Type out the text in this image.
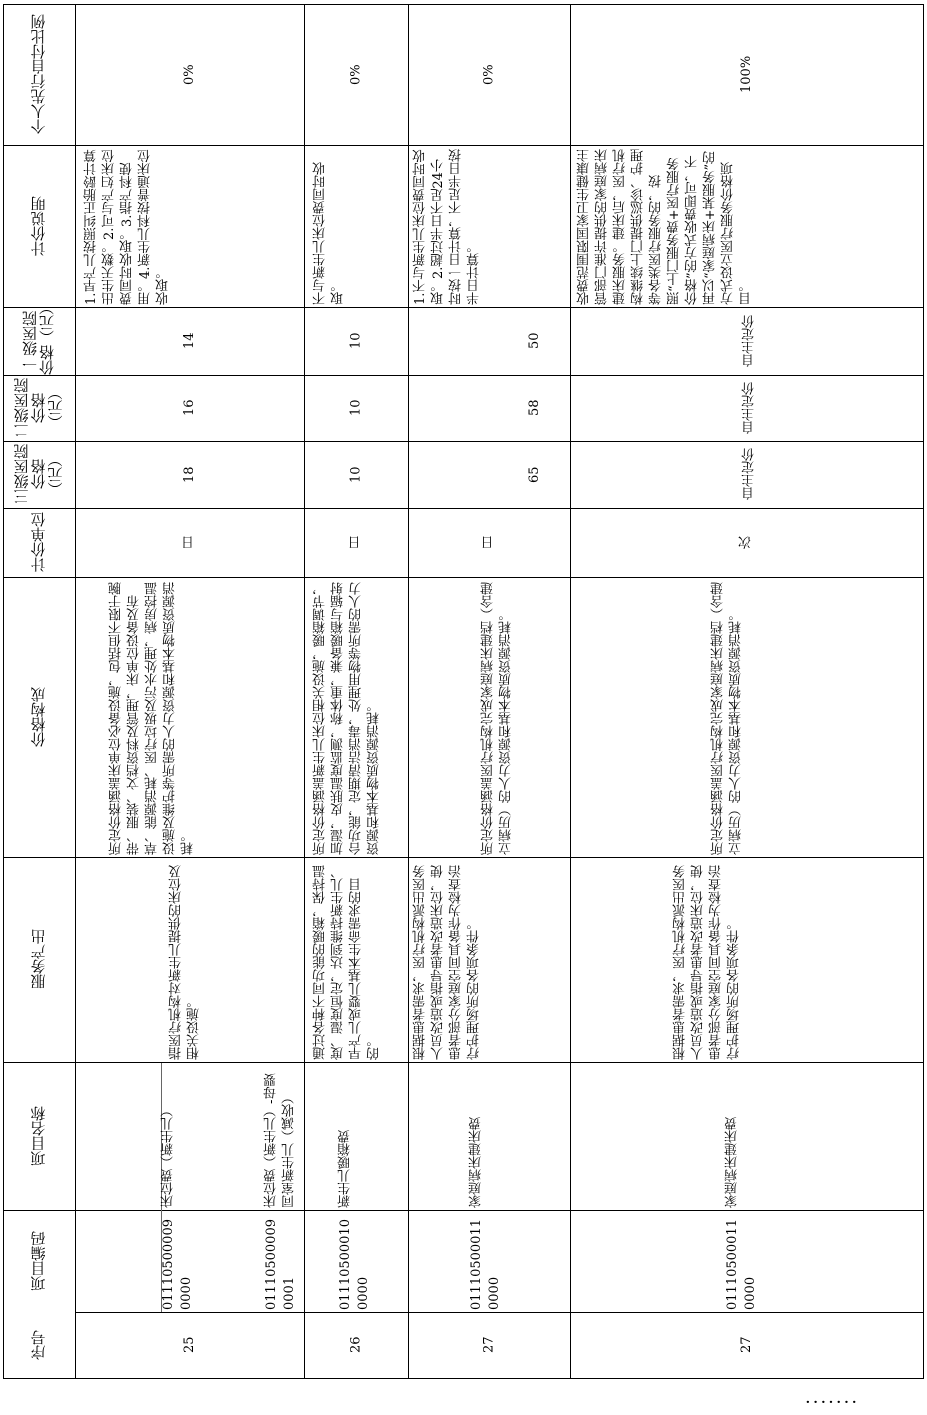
序号
项目编码
项目名称
服务产出
价格构成
计价单位
三级医院价格（元）
二级医院价格（元）
一级医院价格（元）
计价说明
个人先行自付比例
25
011105000090000
床位费（新生儿）
011105000090001
床位费（新生儿）-母婴同室新生儿（减收）
指医疗机构对新生儿提供的床位及相关设施。
所定价格涵盖床单位必备设施，包括但不限于腕带、服装、文档资料及管理，床单位设备及布草、能源消耗、医疗垃圾及污水处理，病房控温设施及维护等所需的人力资源和基本物质资源消耗。
日
18
16
14
1.早产儿按照纠正胎龄计算出生天数。2.可与产妇床位费同时收取。3.指产科使用。4.新生儿科按普通床位收取。
0%
26
011105000100000
新生儿暖箱费
通过各种不同功能的暖箱，保持温度、湿度恒定，达到维持新生儿、早产儿或婴儿基本生命需求的目的。
所定价格涵盖新生儿床位相关设施，暖箱调节，加湿，皮肤温度监测，称体重，兼备暖箱与辐射台功能，定期清洁消毒，处理用物等所需的人力资源和基本物质资源消耗。
日
10
10
10
不与新生儿床位费同时收取。
0%
27
011105000110000
家庭病床建床费
根据患者需求，医疗机构派出医务人员改造或指导患者改造床位，使患者部分家庭空间具备作为检查治疗护理场所的各项条件。
所定价格涵盖医疗机构完成家庭病床建档（含建立病历）的人力资源和基本物质资源消耗。
日
65
58
50
1.不与新生儿床位费同时收取。2.超过半日不足24小时按一日计算，不足半日按半日计算。
0%
27
011105000110000
家庭病床建床费
根据患者需求，医疗机构派出医务人员改造或指导患者改造床位，使患者部分家庭空间具备作为检查治疗护理场所的各项条件。
所定价格涵盖医疗机构完成家庭病床建档（含建立病历）的人力资源和基本物质资源消耗。
次
自主定价
自主定价
自主定价
收费范围限国家卫生健康主管部门准许提供的家庭病床建床服务。建床后，医疗机构继续上门提供巡诊、护理等各类医疗服务的，按照“上门服务费+医疗服务价格”的方式收费即可，不再以“家庭病床+某服务”的方式设立医疗服务价格项目。
100%
·······
